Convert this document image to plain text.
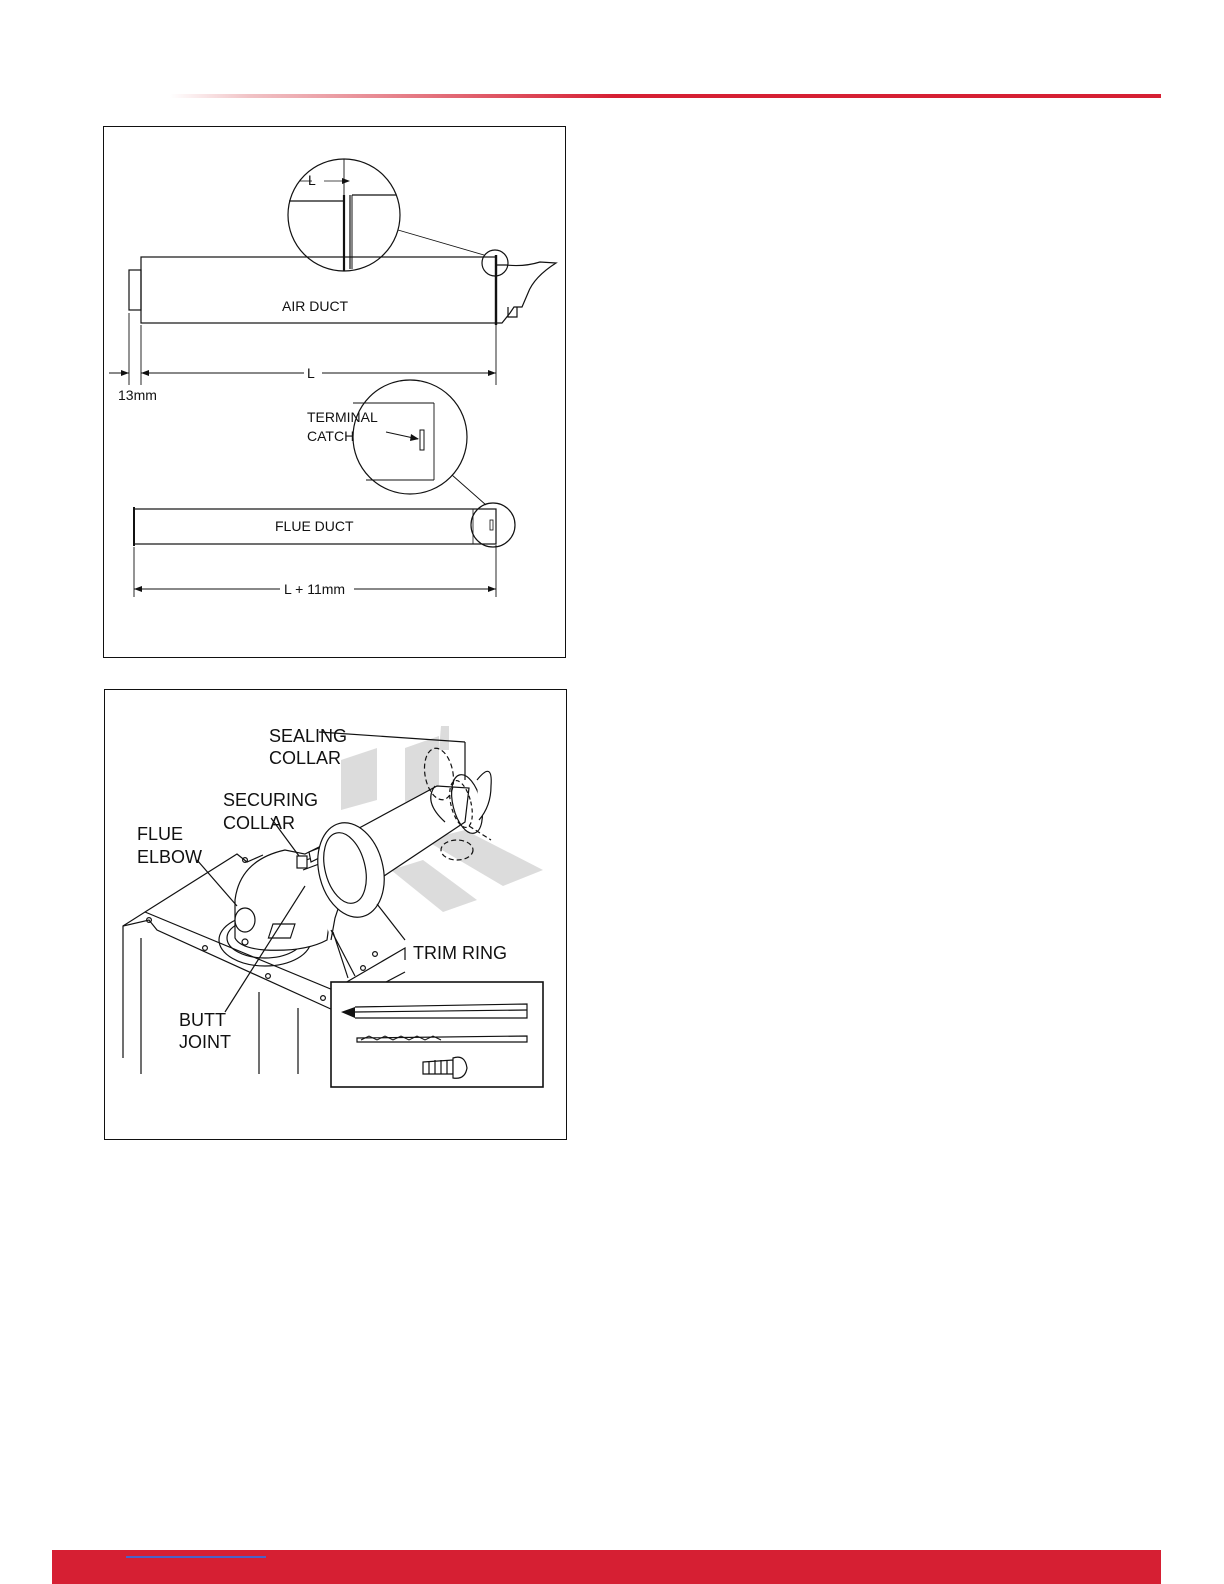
L
AIR DUCT
L
13mm
TERMINAL
CATCH
FLUE DUCT
L + 11mm
SEALING
COLLAR
SECURING
COLLAR
FLUE
ELBOW
TRIM RING
BUTT
JOINT
